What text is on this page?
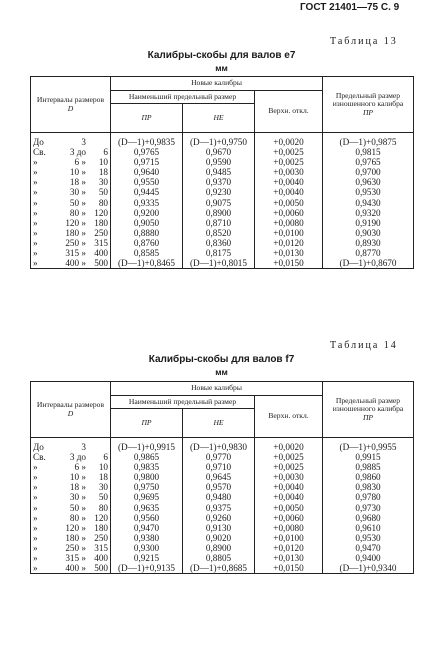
ГОСТ 21401—75 С. 9
Таблица 13
Калибры-скобы для валов е7
мм
Интервалы размеров
D	Новые калибры			Предельный размер изношенного калибра
ПР
	Наименьший предельный размер		Верхн. откл.	
	ПР	НЕ		

До 3	(D—1)+0,9835	(D—1)+0,9750	+0,0020	(D—1)+0,9875

Св. 3 до 6	0,9765	0,9670	+0,0025	0,9815

» 6 » 10	0,9715	0,9590	+0,0025	0,9765

» 10 » 18	0,9640	0,9485	+0,0030	0,9700

» 18 » 30	0,9550	0,9370	+0,0040	0,9630

» 30 » 50	0,9445	0,9230	+0,0040	0,9530

» 50 » 80	0,9335	0,9075	+0,0050	0,9430

» 80 » 120	0,9200	0,8900	+0,0060	0,9320

» 120 » 180	0,9050	0,8710	+0,0080	0,9190

» 180 » 250	0,8880	0,8520	+0,0100	0,9030

» 250 » 315	0,8760	0,8360	+0,0120	0,8930

» 315 » 400	0,8585	0,8175	+0,0130	0,8770

» 400 » 500	(D—1)+0,8465	(D—1)+0,8015	+0,0150	(D—1)+0,8670
Таблица 14
Калибры-скобы для валов f7
мм
Интервалы размеров
D	Новые калибры			Предельный размер изношенного калибра
ПР
	Наименьший предельный размер		Верхн. откл.	
	ПР	НЕ		

До 3	(D—1)+0,9915	(D—1)+0,9830	+0,0020	(D—1)+0,9955

Св. 3 до 6	0,9865	0,9770	+0,0025	0,9915

» 6 » 10	0,9835	0,9710	+0,0025	0,9885

» 10 » 18	0,9800	0,9645	+0,0030	0,9860

» 18 » 30	0,9750	0,9570	+0,0040	0,9830

» 30 » 50	0,9695	0,9480	+0,0040	0,9780

» 50 » 80	0,9635	0,9375	+0,0050	0,9730

» 80 » 120	0,9560	0,9260	+0,0060	0,9680

» 120 » 180	0,9470	0,9130	+0,0080	0,9610

» 180 » 250	0,9380	0,9020	+0,0100	0,9530

» 250 » 315	0,9300	0,8900	+0,0120	0,9470

» 315 » 400	0,9215	0,8805	+0,0130	0,9400

» 400 » 500	(D—1)+0,9135	(D—1)+0,8685	+0,0150	(D—1)+0,9340
